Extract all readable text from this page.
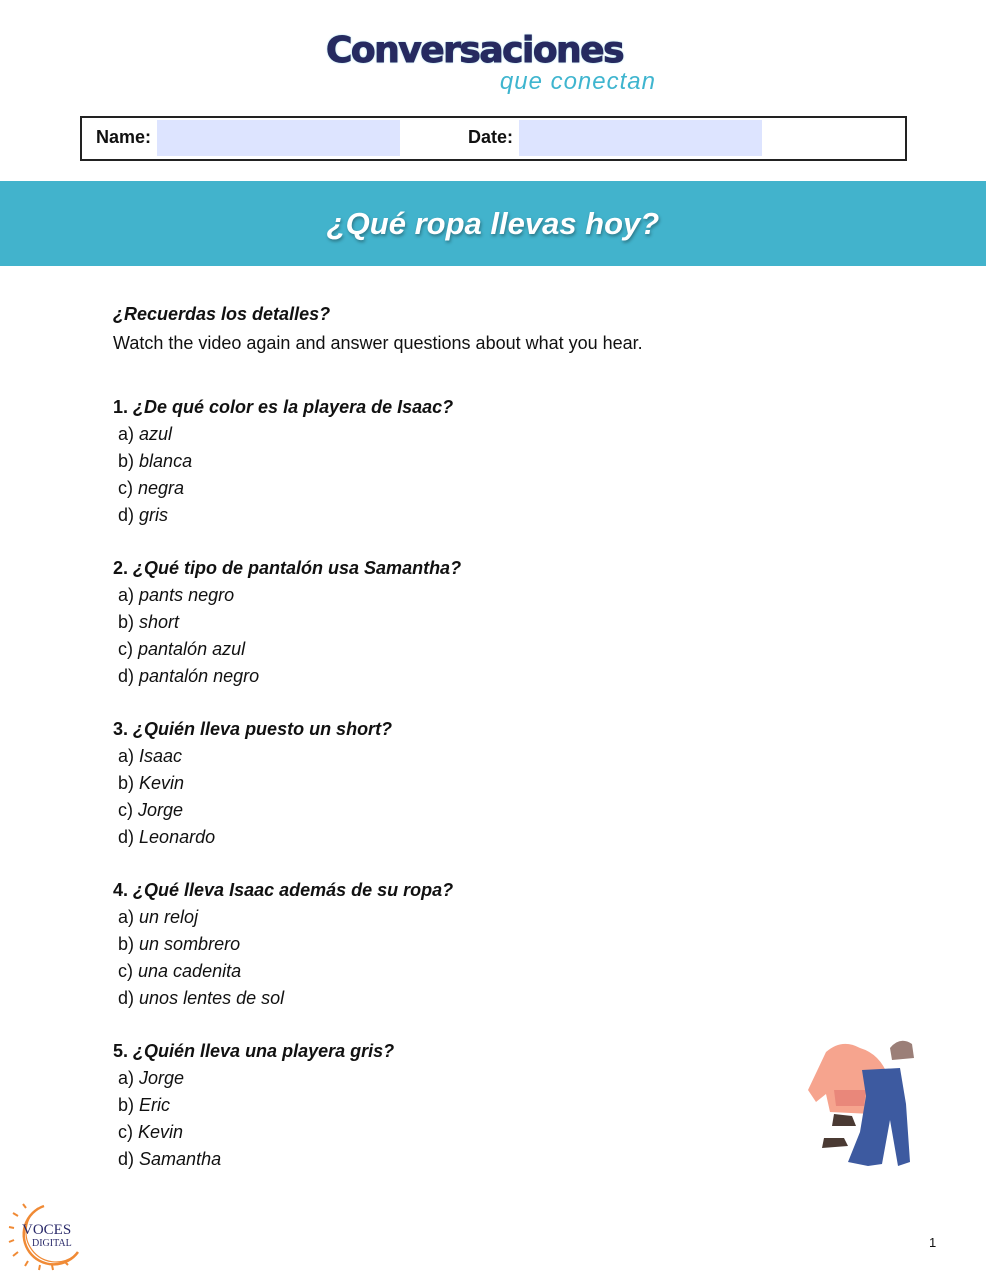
Conversaciones
que conectan
Name:	Date:
¿Qué ropa llevas hoy?
¿Recuerdas los detalles?
Watch the video again and answer questions about what you hear.
1. ¿De qué color es la playera de Isaac?
a) azul
b) blanca
c) negra
d) gris
2. ¿Qué tipo de pantalón usa Samantha?
a) pants negro
b) short
c) pantalón azul
d) pantalón negro
3. ¿Quién lleva puesto un short?
a) Isaac
b) Kevin
c) Jorge
d) Leonardo
4. ¿Qué lleva Isaac además de su ropa?
a) un reloj
b) un sombrero
c) una cadenita
d) unos lentes de sol
5. ¿Quién lleva una playera gris?
a) Jorge
b) Eric
c) Kevin
d) Samantha
VOCES
DIGITAL	1
